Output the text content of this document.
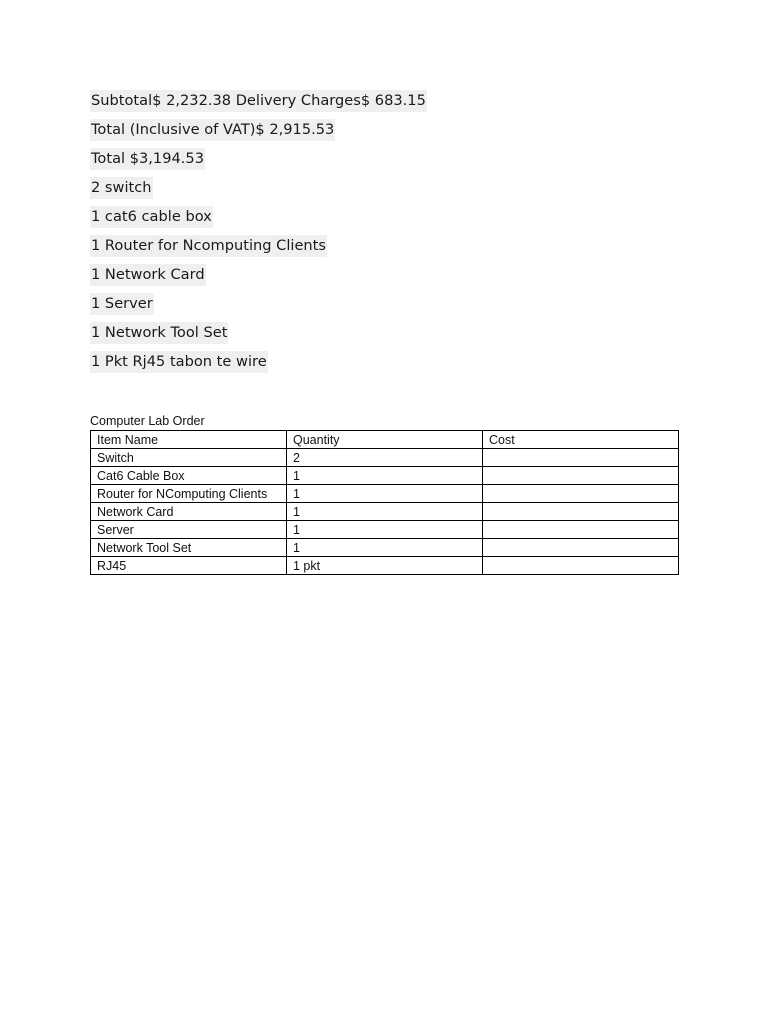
Subtotal$ 2,232.38 Delivery Charges$ 683.15
Total (Inclusive of VAT)$ 2,915.53
Total $3,194.53
2 switch
1 cat6 cable box
1 Router for Ncomputing Clients
1 Network Card
1 Server
1 Network Tool Set
1 Pkt Rj45 tabon te wire
Computer Lab Order
Item Name	Quantity	Cost
Switch	2	
Cat6 Cable Box	1	
Router for NComputing Clients	1	
Network Card	1	
Server	1	
Network Tool Set	1	
RJ45	1 pkt	
